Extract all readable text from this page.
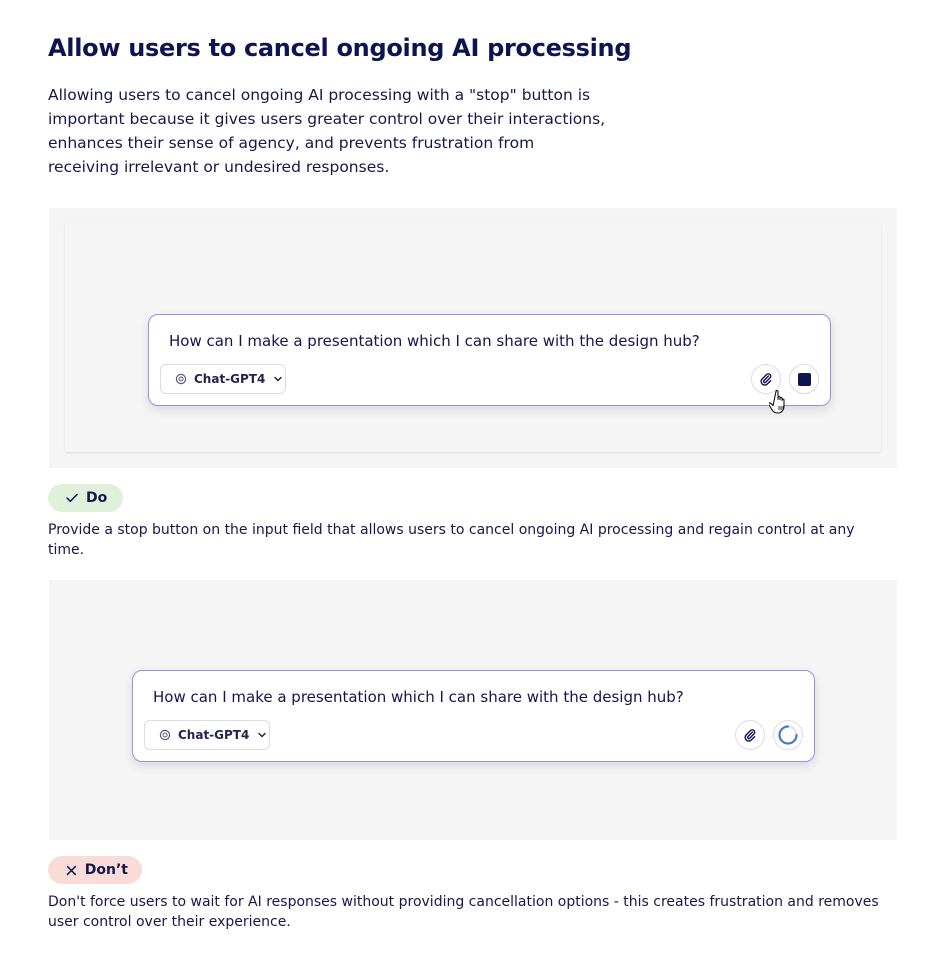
Allow users to cancel ongoing AI processing

Allowing users to cancel ongoing AI processing with a "stop" button is important because it gives users greater control over their interactions, enhances their sense of agency, and prevents frustration from receiving irrelevant or undesired responses.

How can I make a presentation which I can share with the design hub?
Chat-GPT4
Do

Provide a stop button on the input field that allows users to cancel ongoing AI processing and regain control at any time.

How can I make a presentation which I can share with the design hub?
Chat-GPT4
Don’t

Don't force users to wait for AI responses without providing cancellation options - this creates frustration and removes user control over their experience.
